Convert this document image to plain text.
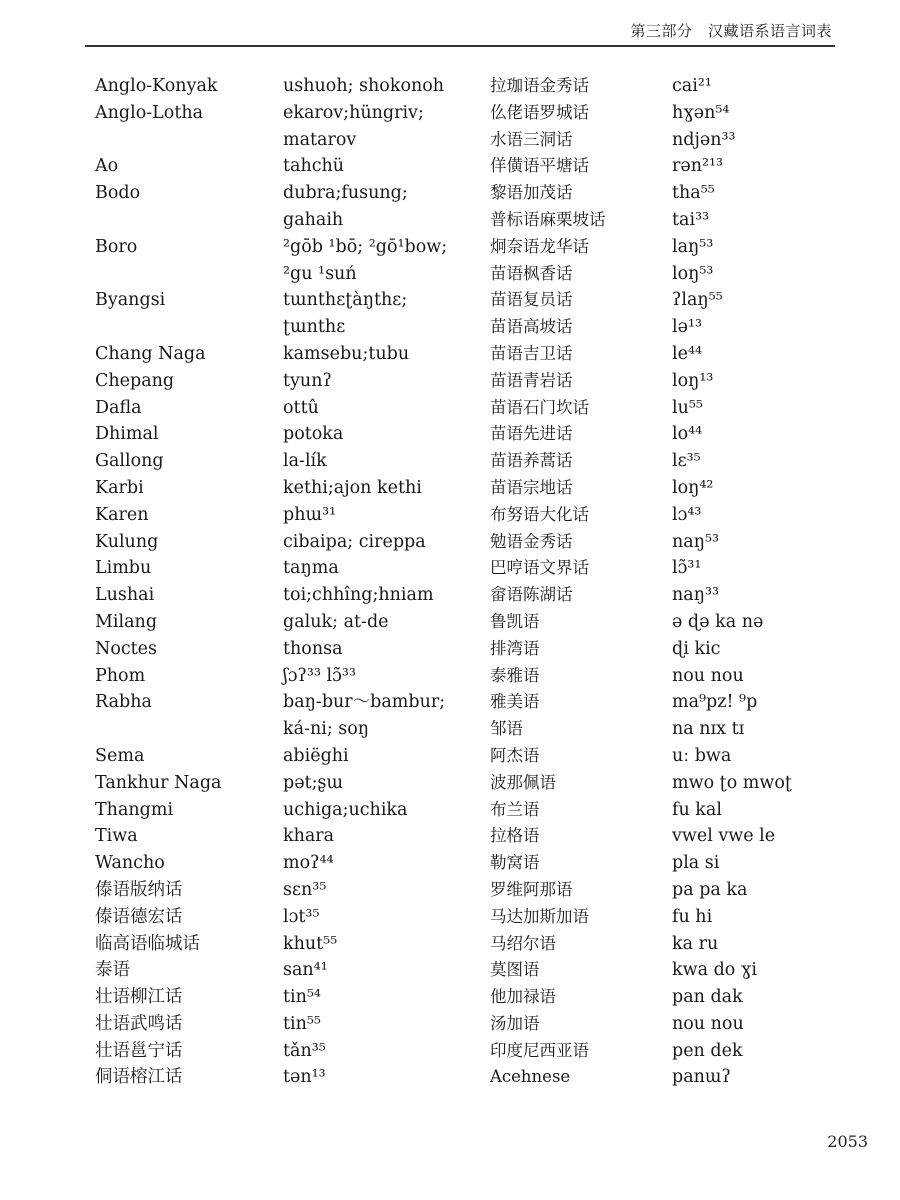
第三部分　汉藏语系语言词表
Anglo-Konyak
Anglo-Lotha
Ao
Bodo
Boro
Byangsi
Chang Naga
Chepang
Dafla
Dhimal
Gallong
Karbi
Karen
Kulung
Limbu
Lushai
Milang
Noctes
Phom
Rabha
Sema
Tankhur Naga
Thangmi
Tiwa
Wancho
傣语版纳话
傣语德宏话
临高语临城话
泰语
壮语柳江话
壮语武鸣话
壮语邕宁话
侗语榕江话
ushuoh; shokonoh
ekarov;hüngriv;
matarov
tahchü
dubra;fusung;
gahaih
²gōb ¹bō; ²gō¹bow;
²gu ¹suń
tɯnthɛʈàŋthɛ;
ʈɯnthɛ
kamsebu;tubu
tyunʔ
ottû
potoka
la-lík
kethi;ajon kethi
phɯ³¹
cibaipa; cireppa
taŋma
toi;chhîng;hniam
galuk; at-de
thonsa
ʃɔʔ³³ lɔ̃³³
baŋ-bur～bambur;
ká-ni; soŋ
abiëghi
pət;ʂɯ
uchiga;uchika
khara
moʔ⁴⁴
sɛn³⁵
lɔt³⁵
khut⁵⁵
san⁴¹
tin⁵⁴
tin⁵⁵
tǎn³⁵
tən¹³
拉珈语金秀话
仫佬语罗城话
水语三洞话
佯僙语平塘话
黎语加茂话
普标语麻栗坡话
炯奈语龙华话
苗语枫香话
苗语复员话
苗语高坡话
苗语吉卫话
苗语青岩话
苗语石门坎话
苗语先进话
苗语养蒿话
苗语宗地话
布努语大化话
勉语金秀话
巴哼语文界话
畲语陈湖话
鲁凯语
排湾语
泰雅语
雅美语
邹语
阿杰语
波那佩语
布兰语
拉格语
勒窝语
罗维阿那语
马达加斯加语
马绍尔语
莫图语
他加禄语
汤加语
印度尼西亚语
Acehnese
cai²¹
hɣən⁵⁴
ndjən³³
rən²¹³
tha⁵⁵
tai³³
laŋ⁵³
loŋ⁵³
ʔlaŋ⁵⁵
lə¹³
le⁴⁴
loŋ¹³
lu⁵⁵
lo⁴⁴
lɛ³⁵
loŋ⁴²
lɔ⁴³
naŋ⁵³
lɔ̃³¹
naŋ³³
ə ɖə ka nə
ɖi kic
nou nou
ma⁹pz! ⁹p
na nɪx tɪ
uː bwa
mwo ʈo mwoʈ
fu kal
vwel vwe le
pla si
pa pa ka
fu hi
ka ru
kwa do ɣi
pan dak
nou nou
pen dek
panɯʔ
2053
